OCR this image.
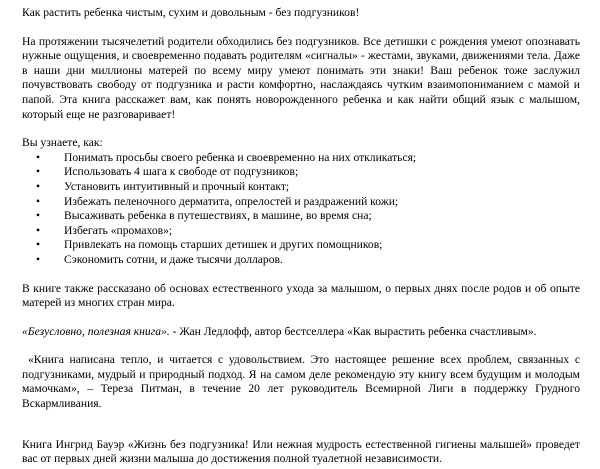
Как растить ребенка чистым, сухим и довольным - без подгузников!

На протяжении тысячелетий родители обходились без подгузников. Все детишки с рождения умеют опознавать нужные ощущения, и своевременно подавать родителям «сигналы» - жестами, звуками, движениями тела. Даже в наши дни миллионы матерей по всему миру умеют понимать эти знаки! Ваш ребенок тоже заслужил почувствовать свободу от подгузника и расти комфортно, наслаждаясь чутким взаимопониманием с мамой и папой. Эта книга расскажет вам, как понять новорожденного ребенка и как найти общий язык с малышом, который еще не разговаривает!

Вы узнаете, как:

• Понимать просьбы своего ребенка и своевременно на них откликаться;
• Использовать 4 шага к свободе от подгузников;
• Установить интуитивный и прочный контакт;
• Избежать пеленочного дерматита, опрелостей и раздражений кожи;
• Высаживать ребенка в путешествиях, в машине, во время сна;
• Избегать «промахов»;
• Привлекать на помощь старших детишек и других помощников;
• Сэкономить сотни, и даже тысячи долларов.

В книге также рассказано об основах естественного ухода за малышом, о первых днях после родов и об опыте матерей из многих стран мира.

«Безусловно, полезная книга». - Жан Ледлофф, автор бестселлера «Как вырастить ребенка счастливым».

«Книга написана тепло, и читается с удовольствием. Это настоящее решение всех проблем, связанных с подгузниками, мудрый и природный подход. Я на самом деле рекомендую эту книгу всем будущим и молодым мамочкам», – Тереза Питман, в течение 20 лет руководитель Всемирной Лиги в поддержку Грудного Вскармливания.

Книга Ингрид Бауэр «Жизнь без подгузника! Или нежная мудрость естественной гигиены малышей» проведет вас от первых дней жизни малыша до достижения полной туалетной независимости.
